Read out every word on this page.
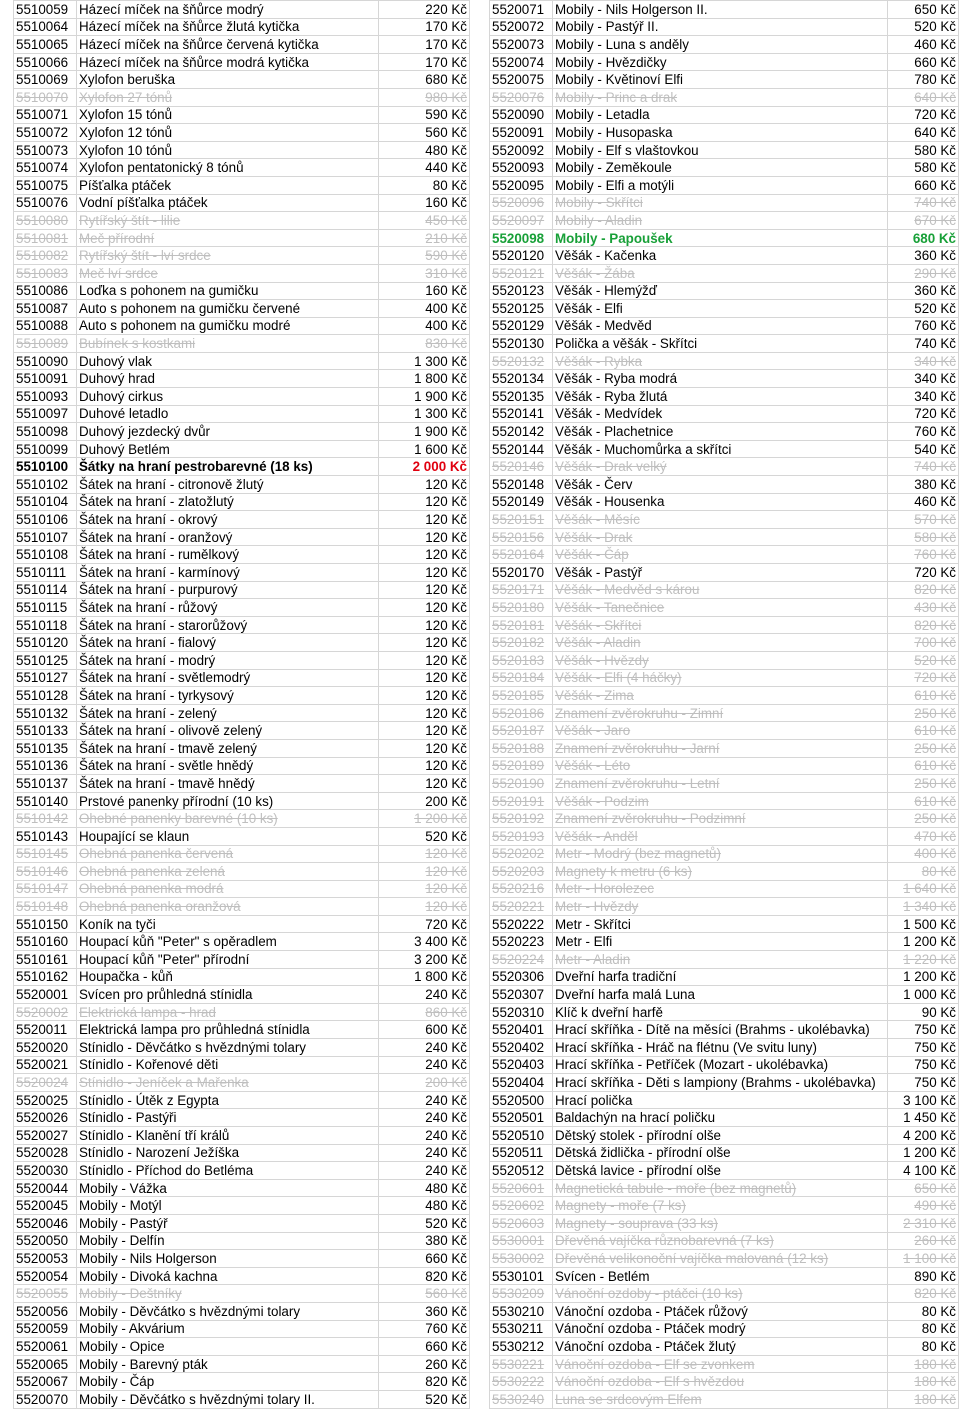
5510059	Házecí míček na šňůrce modrý	220 Kč
5510064	Házecí míček na šňůrce žlutá kytička	170 Kč
5510065	Házecí míček na šňůrce červená kytička	170 Kč
5510066	Házecí míček na šňůrce modrá kytička	170 Kč
5510069	Xylofon beruška	680 Kč
5510070	Xylofon 27 tónů	980 Kč
5510071	Xylofon 15 tónů	590 Kč
5510072	Xylofon 12 tónů	560 Kč
5510073	Xylofon 10 tónů	480 Kč
5510074	Xylofon pentatonický 8 tónů	440 Kč
5510075	Píšťalka ptáček	80 Kč
5510076	Vodní píšťalka ptáček	160 Kč
5510080	Rytířský štít - lilie	450 Kč
5510081	Meč přírodní	210 Kč
5510082	Rytířský štít - lví srdce	590 Kč
5510083	Meč lví srdce	310 Kč
5510086	Loďka s pohonem na gumičku	160 Kč
5510087	Auto s pohonem na gumičku červené	400 Kč
5510088	Auto s pohonem na gumičku modré	400 Kč
5510089	Bubínek s kostkami	830 Kč
5510090	Duhový vlak	1 300 Kč
5510091	Duhový hrad	1 800 Kč
5510093	Duhový cirkus	1 900 Kč
5510097	Duhové letadlo	1 300 Kč
5510098	Duhový jezdecký dvůr	1 900 Kč
5510099	Duhový Betlém	1 600 Kč
5510100	Šátky na hraní pestrobarevné (18 ks)	2 000 Kč
5510102	Šátek na hraní - citronově žlutý	120 Kč
5510104	Šátek na hraní - zlatožlutý	120 Kč
5510106	Šátek na hraní - okrový	120 Kč
5510107	Šátek na hraní - oranžový	120 Kč
5510108	Šátek na hraní - rumělkový	120 Kč
5510111	Šátek na hraní - karmínový	120 Kč
5510114	Šátek na hraní - purpurový	120 Kč
5510115	Šátek na hraní - růžový	120 Kč
5510118	Šátek na hraní - starorůžový	120 Kč
5510120	Šátek na hraní - fialový	120 Kč
5510125	Šátek na hraní - modrý	120 Kč
5510127	Šátek na hraní - světlemodrý	120 Kč
5510128	Šátek na hraní - tyrkysový	120 Kč
5510132	Šátek na hraní - zelený	120 Kč
5510133	Šátek na hraní - olivově zelený	120 Kč
5510135	Šátek na hraní - tmavě zelený	120 Kč
5510136	Šátek na hraní - světle hnědý	120 Kč
5510137	Šátek na hraní - tmavě hnědý	120 Kč
5510140	Prstové panenky přírodní (10 ks)	200 Kč
5510142	Ohebné panenky barevné (10 ks)	1 200 Kč
5510143	Houpající se klaun	520 Kč
5510145	Ohebná panenka červená	120 Kč
5510146	Ohebná panenka zelená	120 Kč
5510147	Ohebná panenka modrá	120 Kč
5510148	Ohebná panenka oranžová	120 Kč
5510150	Koník na tyči	720 Kč
5510160	Houpací kůň "Peter" s opěradlem	3 400 Kč
5510161	Houpací kůň "Peter" přírodní	3 200 Kč
5510162	Houpačka - kůň	1 800 Kč
5520001	Svícen pro průhledná stínidla	240 Kč
5520002	Elektrická lampa - hrad	860 Kč
5520011	Elektrická lampa pro průhledná stínidla	600 Kč
5520020	Stínidlo - Děvčátko s hvězdnými tolary	240 Kč
5520021	Stínidlo - Kořenové děti	240 Kč
5520024	Stínidlo - Jeníček a Mařenka	200 Kč
5520025	Stínidlo - Útěk z Egypta	240 Kč
5520026	Stínidlo - Pastýři	240 Kč
5520027	Stínidlo - Klanění tří králů	240 Kč
5520028	Stínidlo - Narození Ježíška	240 Kč
5520030	Stínidlo - Příchod do Betléma	240 Kč
5520044	Mobily - Vážka	480 Kč
5520045	Mobily - Motýl	480 Kč
5520046	Mobily - Pastýř	520 Kč
5520050	Mobily - Delfín	380 Kč
5520053	Mobily - Nils Holgerson	660 Kč
5520054	Mobily - Divoká kachna	820 Kč
5520055	Mobily - Deštníky	560 Kč
5520056	Mobily - Děvčátko s hvězdnými tolary	360 Kč
5520059	Mobily - Akvárium	760 Kč
5520061	Mobily - Opice	660 Kč
5520065	Mobily - Barevný pták	260 Kč
5520067	Mobily - Čáp	820 Kč
5520070	Mobily - Děvčátko s hvězdnými tolary II.	520 Kč
5520071	Mobily - Nils Holgerson II.	650 Kč
5520072	Mobily - Pastýř II.	520 Kč
5520073	Mobily - Luna s anděly	460 Kč
5520074	Mobily - Hvězdičky	660 Kč
5520075	Mobily - Květinoví Elfi	780 Kč
5520076	Mobily - Princ a drak	640 Kč
5520090	Mobily - Letadla	720 Kč
5520091	Mobily - Husopaska	640 Kč
5520092	Mobily - Elf s vlaštovkou	580 Kč
5520093	Mobily - Zeměkoule	580 Kč
5520095	Mobily - Elfi a motýli	660 Kč
5520096	Mobily - Skřítci	740 Kč
5520097	Mobily - Aladin	670 Kč
5520098	Mobily - Papoušek	680 Kč
5520120	Věšák - Kačenka	360 Kč
5520121	Věšák - Žába	290 Kč
5520123	Věšák - Hlemýžď	360 Kč
5520125	Věšák - Elfi	520 Kč
5520129	Věšák - Medvěd	760 Kč
5520130	Polička a věšák - Skřítci	740 Kč
5520132	Věšák - Rybka	340 Kč
5520134	Věšák - Ryba modrá	340 Kč
5520135	Věšák - Ryba žlutá	340 Kč
5520141	Věšák - Medvídek	720 Kč
5520142	Věšák - Plachetnice	760 Kč
5520144	Věšák - Muchomůrka a skřítci	540 Kč
5520146	Věšák - Drak velký	740 Kč
5520148	Věšák - Červ	380 Kč
5520149	Věšák - Housenka	460 Kč
5520151	Věšák - Měsíc	570 Kč
5520156	Věšák - Drak	580 Kč
5520164	Věšák - Čáp	760 Kč
5520170	Věšák - Pastýř	720 Kč
5520171	Věšák - Medvěd s károu	820 Kč
5520180	Věšák - Tanečnice	430 Kč
5520181	Věšák - Skřítci	820 Kč
5520182	Věšák - Aladin	700 Kč
5520183	Věšák - Hvězdy	520 Kč
5520184	Věšák - Elfi (4 háčky)	720 Kč
5520185	Věšák - Zima	610 Kč
5520186	Znamení zvěrokruhu - Zimní	250 Kč
5520187	Věšák - Jaro	610 Kč
5520188	Znamení zvěrokruhu - Jarní	250 Kč
5520189	Věšák - Léto	610 Kč
5520190	Znamení zvěrokruhu - Letní	250 Kč
5520191	Věšák - Podzim	610 Kč
5520192	Znamení zvěrokruhu - Podzimní	250 Kč
5520193	Věšák - Anděl	470 Kč
5520202	Metr - Modrý (bez magnetů)	400 Kč
5520203	Magnety k metru (6 ks)	80 Kč
5520216	Metr - Horolezec	1 640 Kč
5520221	Metr - Hvězdy	1 340 Kč
5520222	Metr - Skřítci	1 500 Kč
5520223	Metr - Elfi	1 200 Kč
5520224	Metr - Aladin	1 220 Kč
5520306	Dveřní harfa tradiční	1 200 Kč
5520307	Dveřní harfa malá Luna	1 000 Kč
5520310	Klíč k dveřní harfě	90 Kč
5520401	Hrací skříňka - Dítě na měsíci (Brahms - ukolébavka)	750 Kč
5520402	Hrací skříňka - Hráč na flétnu (Ve svitu luny)	750 Kč
5520403	Hrací skříňka - Petříček (Mozart - ukolébavka)	750 Kč
5520404	Hrací skříňka - Děti s lampiony (Brahms - ukolébavka)	750 Kč
5520500	Hrací polička	3 100 Kč
5520501	Baldachýn na hrací poličku	1 450 Kč
5520510	Dětský stolek - přírodní olše	4 200 Kč
5520511	Dětská židlička - přírodní olše	1 200 Kč
5520512	Dětská lavice - přírodní olše	4 100 Kč
5520601	Magnetická tabule - moře (bez magnetů)	650 Kč
5520602	Magnety - moře (7 ks)	490 Kč
5520603	Magnety - souprava (33 ks)	2 310 Kč
5530001	Dřevěná vajíčka různobarevná (7 ks)	260 Kč
5530002	Dřevěná velikonoční vajíčka malovaná (12 ks)	1 100 Kč
5530101	Svícen - Betlém	890 Kč
5530209	Vánoční ozdoby - ptáčci (10 ks)	820 Kč
5530210	Vánoční ozdoba - Ptáček růžový	80 Kč
5530211	Vánoční ozdoba - Ptáček modrý	80 Kč
5530212	Vánoční ozdoba - Ptáček žlutý	80 Kč
5530221	Vánoční ozdoba - Elf se zvonkem	180 Kč
5530222	Vánoční ozdoba - Elf s hvězdou	180 Kč
5530240	Luna se srdcovým Elfem	180 Kč
